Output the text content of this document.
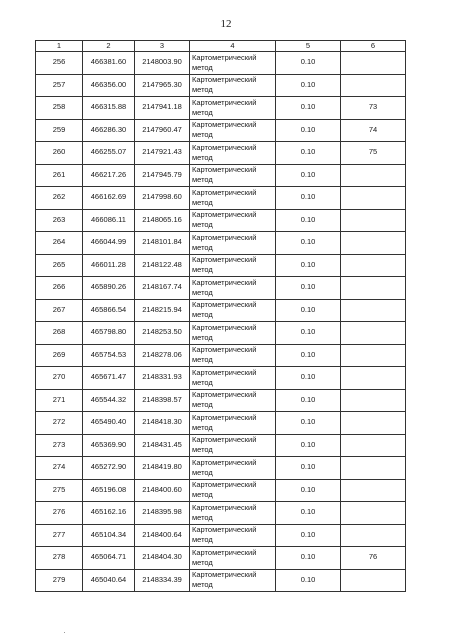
12
1	2	3	4	5	6
256	466381.60	2148003.90	Картометрический метод	0.10	
257	466356.00	2147965.30	Картометрический метод	0.10	
258	466315.88	2147941.18	Картометрический метод	0.10	73
259	466286.30	2147960.47	Картометрический метод	0.10	74
260	466255.07	2147921.43	Картометрический метод	0.10	75
261	466217.26	2147945.79	Картометрический метод	0.10	
262	466162.69	2147998.60	Картометрический метод	0.10	
263	466086.11	2148065.16	Картометрический метод	0.10	
264	466044.99	2148101.84	Картометрический метод	0.10	
265	466011.28	2148122.48	Картометрический метод	0.10	
266	465890.26	2148167.74	Картометрический метод	0.10	
267	465866.54	2148215.94	Картометрический метод	0.10	
268	465798.80	2148253.50	Картометрический метод	0.10	
269	465754.53	2148278.06	Картометрический метод	0.10	
270	465671.47	2148331.93	Картометрический метод	0.10	
271	465544.32	2148398.57	Картометрический метод	0.10	
272	465490.40	2148418.30	Картометрический метод	0.10	
273	465369.90	2148431.45	Картометрический метод	0.10	
274	465272.90	2148419.80	Картометрический метод	0.10	
275	465196.08	2148400.60	Картометрический метод	0.10	
276	465162.16	2148395.98	Картометрический метод	0.10	
277	465104.34	2148400.64	Картометрический метод	0.10	
278	465064.71	2148404.30	Картометрический метод	0.10	76
279	465040.64	2148334.39	Картометрический метод	0.10	
